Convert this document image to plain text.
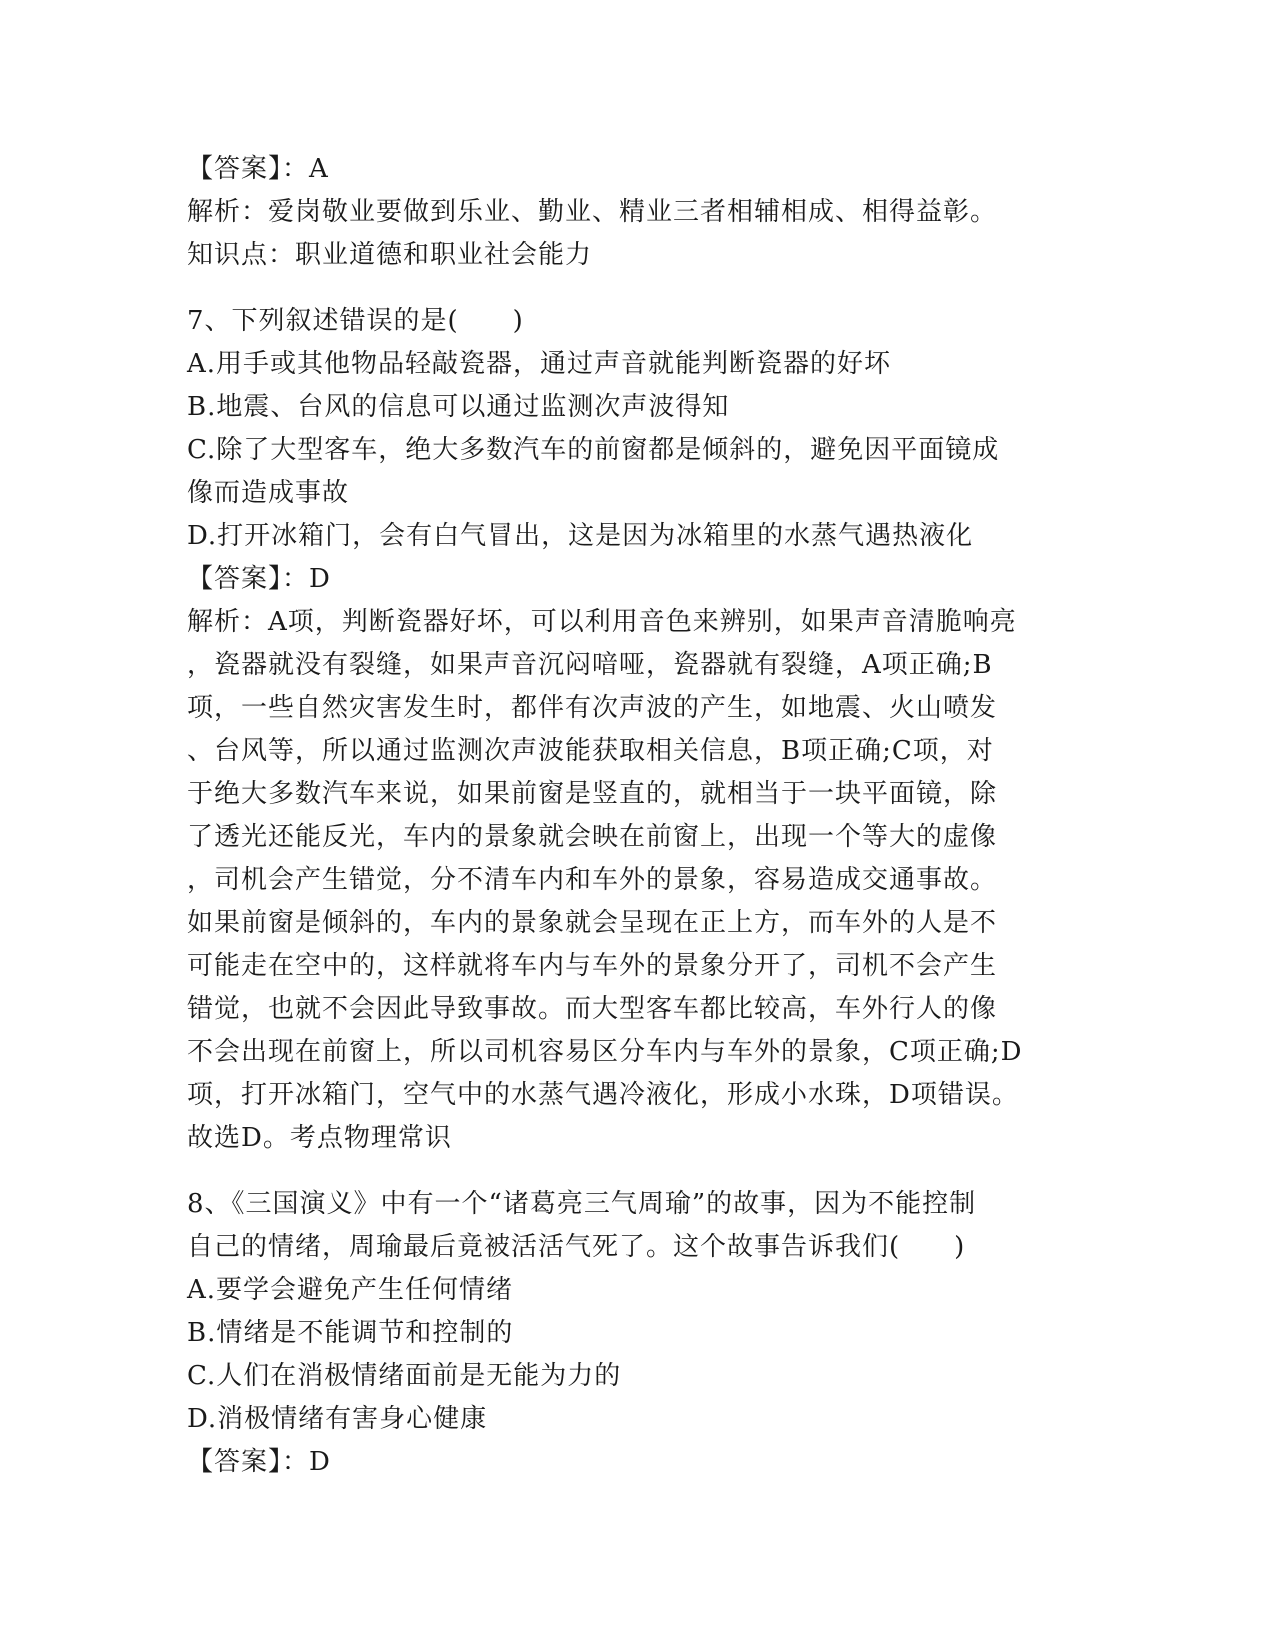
【答案】：A
解析：爱岗敬业要做到乐业、勤业、精业三者相辅相成、相得益彰。
知识点：职业道德和职业社会能力
7、下列叙述错误的是(　　)
A.用手或其他物品轻敲瓷器，通过声音就能判断瓷器的好坏
B.地震、台风的信息可以通过监测次声波得知
C.除了大型客车，绝大多数汽车的前窗都是倾斜的，避免因平面镜成
像而造成事故
D.打开冰箱门，会有白气冒出，这是因为冰箱里的水蒸气遇热液化
【答案】：D
解析：A项，判断瓷器好坏，可以利用音色来辨别，如果声音清脆响亮
，瓷器就没有裂缝，如果声音沉闷喑哑，瓷器就有裂缝，A项正确;B
项，一些自然灾害发生时，都伴有次声波的产生，如地震、火山喷发
、台风等，所以通过监测次声波能获取相关信息，B项正确;C项，对
于绝大多数汽车来说，如果前窗是竖直的，就相当于一块平面镜，除
了透光还能反光，车内的景象就会映在前窗上，出现一个等大的虚像
，司机会产生错觉，分不清车内和车外的景象，容易造成交通事故。
如果前窗是倾斜的，车内的景象就会呈现在正上方，而车外的人是不
可能走在空中的，这样就将车内与车外的景象分开了，司机不会产生
错觉，也就不会因此导致事故。而大型客车都比较高，车外行人的像
不会出现在前窗上，所以司机容易区分车内与车外的景象，C项正确;D
项，打开冰箱门，空气中的水蒸气遇冷液化，形成小水珠，D项错误。
故选D。考点物理常识
8、《三国演义》中有一个“诸葛亮三气周瑜”的故事，因为不能控制
自己的情绪，周瑜最后竟被活活气死了。这个故事告诉我们(　　)
A.要学会避免产生任何情绪
B.情绪是不能调节和控制的
C.人们在消极情绪面前是无能为力的
D.消极情绪有害身心健康
【答案】：D
